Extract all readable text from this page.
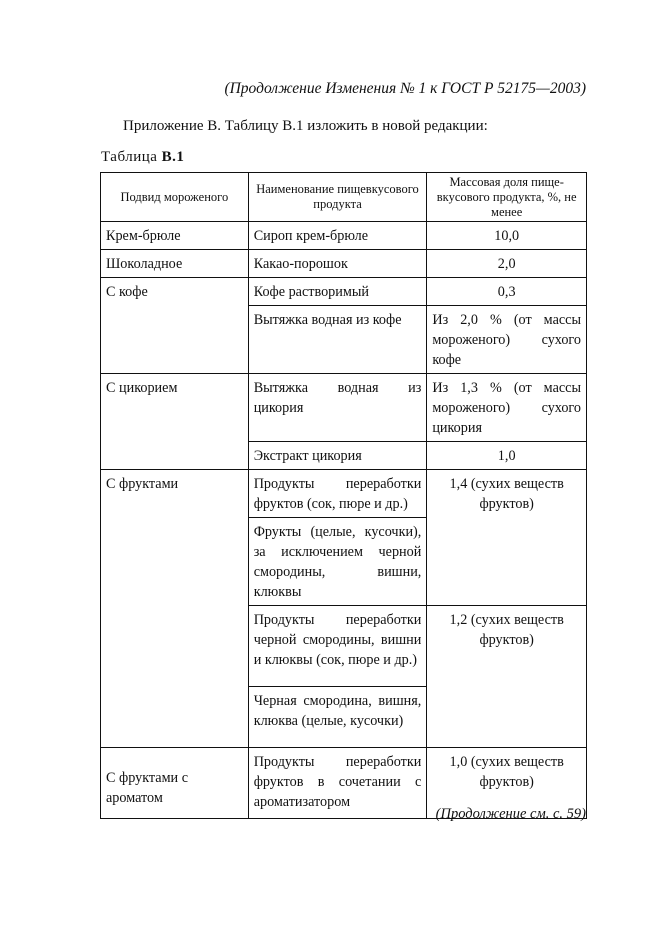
(Продолжение Изменения № 1 к ГОСТ Р 52175—2003)
Приложение В. Таблицу В.1 изложить в новой редакции:
Таблица В.1
Подвид мороженого	Наименование пищевкусового продукта	Массовая доля пищевкусового продукта, %, не менее
Крем-брюле	Сироп крем-брюле	10,0
Шоколадное	Какао-порошок	2,0
С кофе	Кофе растворимый	0,3
	Вытяжка водная из кофе	Из 2,0 % (от массы мороженого) сухого кофе
С цикорием	Вытяжка водная из цикория	Из 1,3 % (от массы мороженого) сухого цикория
	Экстракт цикория	1,0
С фруктами	Продукты переработки фруктов (сок, пюре и др.)	1,4 (сухих веществ фруктов)
	Фрукты (целые, кусочки), за исключением черной смородины, вишни, клюквы	
	Продукты переработки черной смородины, вишни и клюквы (сок, пюре и др.)	1,2 (сухих веществ фруктов)
	Черная смородина, вишня, клюква (целые, кусочки)	
С фруктами с ароматом	Продукты переработки фруктов в сочетании с ароматизатором	1,0 (сухих веществ фруктов)
(Продолжение см. с. 59)
